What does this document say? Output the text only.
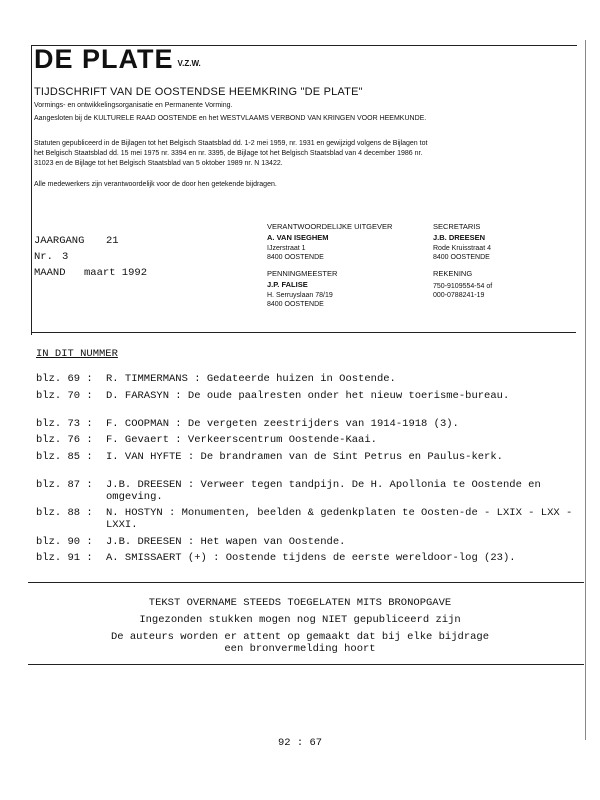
DE PLATE V.Z.W.
TIJDSCHRIFT VAN DE OOSTENDSE HEEMKRING "DE PLATE"
Vormings- en ontwikkelingsorganisatie en Permanente Vorming.
Aangesloten bij de KULTURELE RAAD OOSTENDE en het WESTVLAAMS VERBOND VAN KRINGEN VOOR HEEMKUNDE.
Statuten gepubliceerd in de Bijlagen tot het Belgisch Staatsblad dd. 1-2 mei 1959, nr. 1931 en gewijzigd volgens de Bijlagen tot
het Belgisch Staatsblad dd. 15 mei 1975 nr. 3394 en nr. 3395, de Bijlage tot het Belgisch Staatsblad van 4 december 1986 nr.
31023 en de Bijlage tot het Belgisch Staatsblad van 5 oktober 1989 nr. N 13422.
Alle medewerkers zijn verantwoordelijk voor de door hen getekende bijdragen.
JAARGANG 21
Nr. 3
MAAND maart 1992
VERANTWOORDELIJKE UITGEVER
A. VAN ISEGHEM
IJzerstraat 1
8400 OOSTENDE
SECRETARIS
J.B. DREESEN
Rode Kruisstraat 4
8400 OOSTENDE
PENNINGMEESTER
J.P. FALISE
H. Serruyslaan 78/19
8400 OOSTENDE
REKENING
750-9109554-54 of
000-0788241-19
IN DIT NUMMER
blz. 69 : R. TIMMERMANS : Gedateerde huizen in Oostende.
blz. 70 : D. FARASYN : De oude paalresten onder het nieuw toerisme-bureau.
blz. 73 : F. COOPMAN : De vergeten zeestrijders van 1914-1918 (3).
blz. 76 : F. Gevaert : Verkeerscentrum Oostende-Kaai.
blz. 85 : I. VAN HYFTE : De brandramen van de Sint Petrus en Paulus-kerk.
blz. 87 : J.B. DREESEN : Verweer tegen tandpijn. De H. Apollonia te Oostende en omgeving.
blz. 88 : N. HOSTYN : Monumenten, beelden & gedenkplaten te Oosten-de - LXIX - LXX - LXXI.
blz. 90 : J.B. DREESEN : Het wapen van Oostende.
blz. 91 : A. SMISSAERT (+) : Oostende tijdens de eerste wereldoor-log (23).
TEKST OVERNAME STEEDS TOEGELATEN MITS BRONOPGAVE
Ingezonden stukken mogen nog NIET gepubliceerd zijn
De auteurs worden er attent op gemaakt dat bij elke bijdrage
een bronvermelding hoort
92 : 67
